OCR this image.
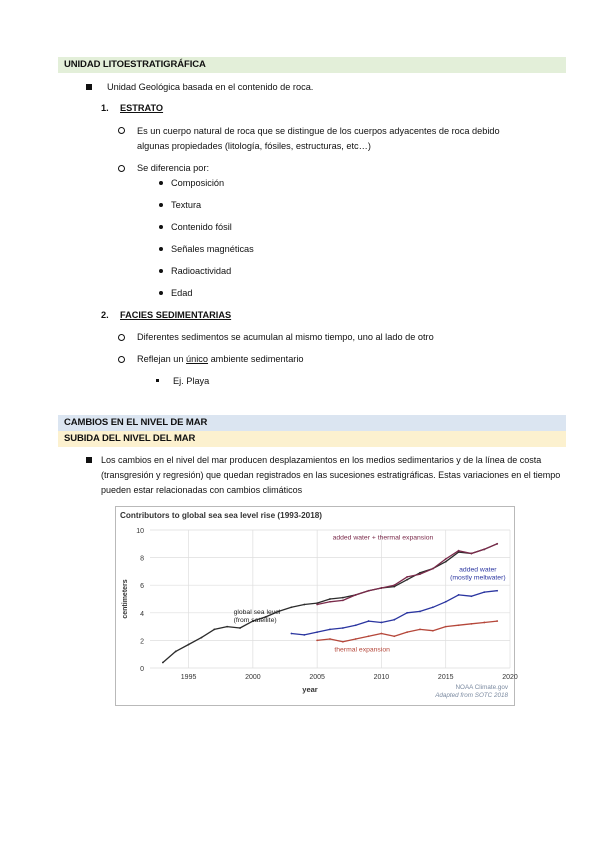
UNIDAD LITOESTRATIGRÁFICA
Unidad Geológica basada en el contenido de roca.
1. ESTRATO
Es un cuerpo natural de roca que se distingue de los cuerpos adyacentes de roca debido algunas propiedades (litología, fósiles, estructuras, etc…)
Se diferencia por:
Composición
Textura
Contenido fósil
Señales magnéticas
Radioactividad
Edad
2. FACIES SEDIMENTARIAS
Diferentes sedimentos se acumulan al mismo tiempo, uno al lado de otro
Reflejan un único ambiente sedimentario
Ej. Playa
CAMBIOS EN EL NIVEL DE MAR
SUBIDA DEL NIVEL DEL MAR
Los cambios en el nivel del mar producen desplazamientos en los medios sedimentarios y de la línea de costa (transgresión y regresión) que quedan registrados en las sucesiones estratigráficas. Estas variaciones en el tiempo pueden estar relacionadas con cambios climáticos
Contributors to global sea sea level rise (1993-2018)
0
2
4
6
8
10
1995	2000	2005	2010	2015	2020
year
centimeters	global sea level
(from satellite)
added water + thermal expansion
added water
(mostly meltwater)
thermal expansion
NOAA Climate.gov
Adapted from SOTC 2018
